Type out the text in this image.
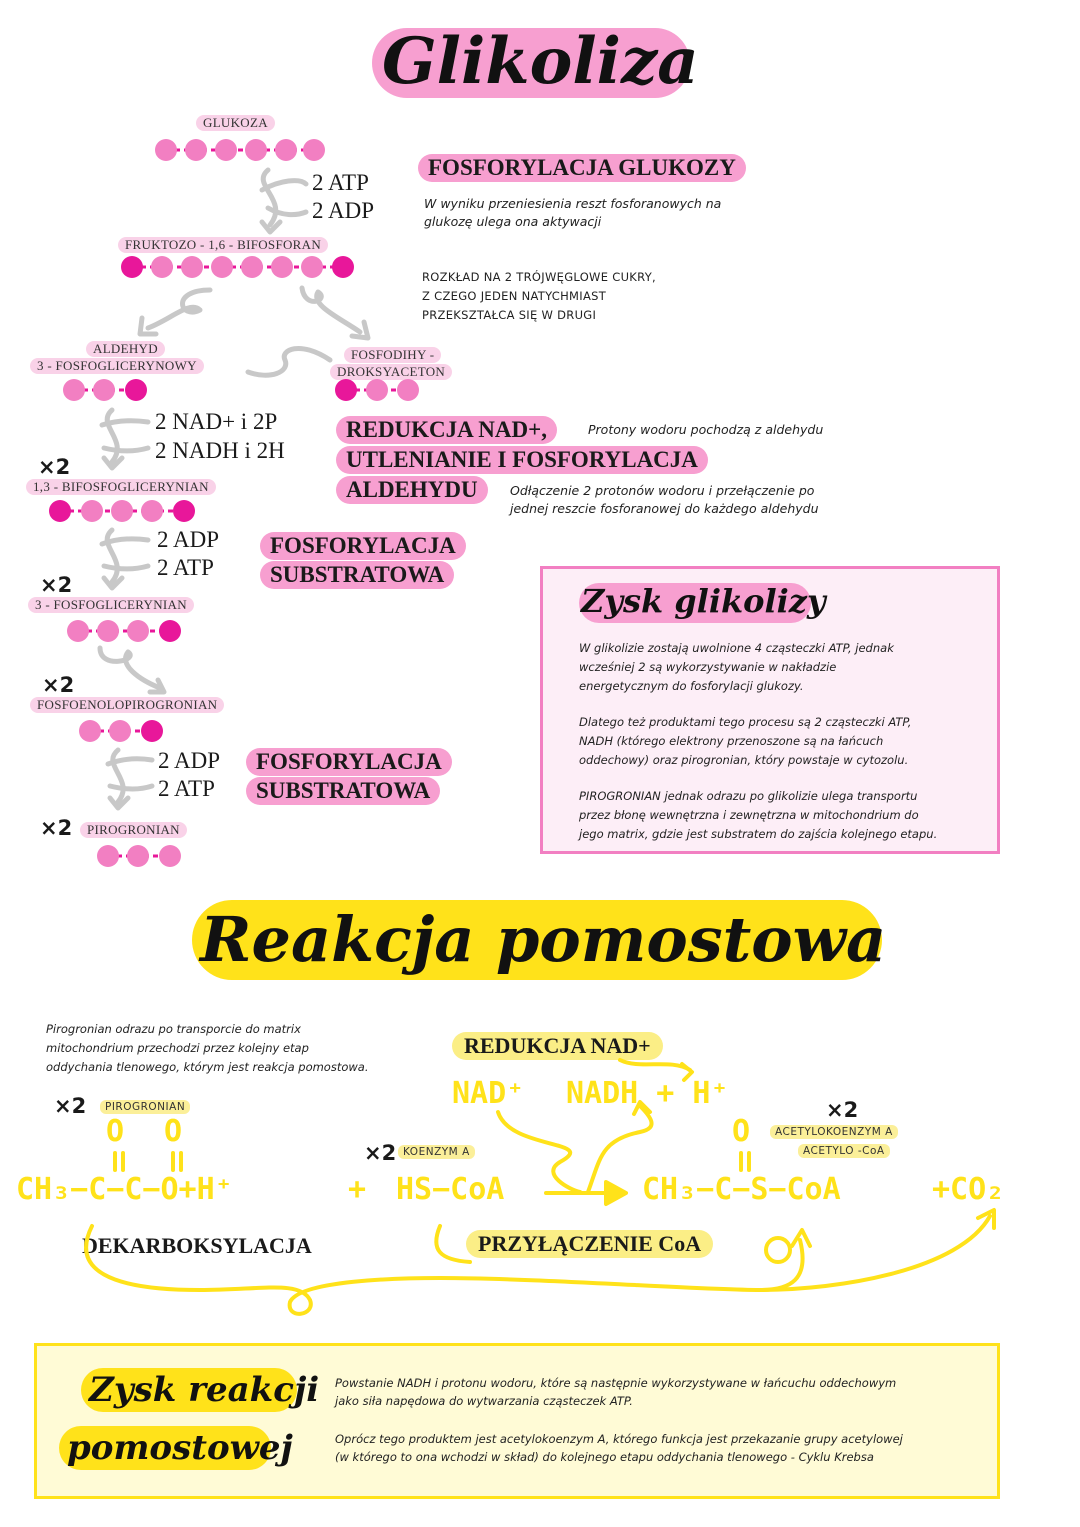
Glikoliza
GLUKOZA
FRUKTOZO - 1,6 - BIFOSFORAN
ALDEHYD
3 - FOSFOGLICERYNOWY
FOSFODIHY -
DROKSYACETON
1,3 - BIFOSFOGLICERYNIAN
3 - FOSFOGLICERYNIAN
FOSFOENOLOPIROGRONIAN
PIROGRONIAN
×2
×2
×2
×2
2 ATP
2 ADP
2 NAD+ i 2P
2 NADH i 2H
2 ADP
2 ATP
2 ADP
2 ATP
FOSFORYLACJA GLUKOZY
W wyniku przeniesienia reszt fosforanowych na
glukozę ulega ona aktywacji
ROZKŁAD NA 2 TRÓJWĘGLOWE CUKRY,
Z CZEGO JEDEN NATYCHMIAST
PRZEKSZTAŁCA SIĘ W DRUGI
REDUKCJA NAD+,	Protony wodoru pochodzą z aldehydu
UTLENIANIE I FOSFORYLACJA
ALDEHYDU	Odłączenie 2 protonów wodoru i przełączenie po
jednej reszcie fosforanowej do każdego aldehydu
FOSFORYLACJA
SUBSTRATOWA
FOSFORYLACJA
SUBSTRATOWA
Zysk glikolizy
W glikolizie zostają uwolnione 4 cząsteczki ATP, jednak
wcześniej 2 są wykorzystywanie w nakładzie
energetycznym do fosforylacji glukozy.
Dlatego też produktami tego procesu są 2 cząsteczki ATP,
NADH (którego elektrony przenoszone są na łańcuch
oddechowy) oraz pirogronian, który powstaje w cytozolu.
PIROGRONIAN jednak odrazu po glikolizie ulega transportu
przez błonę wewnętrzna i zewnętrzna w mitochondrium do
jego matrix, gdzie jest substratem do zajścia kolejnego etapu.
Reakcja pomostowa
Pirogronian odrazu po transporcie do matrix
mitochondrium przechodzi przez kolejny etap
oddychania tlenowego, którym jest reakcja pomostowa.
REDUKCJA NAD+
NAD⁺ NADH + H⁺
×2	PIROGRONIAN
×2 KOENZYM A
×2
ACETYLOKOENZYM A
ACETYLO -CoA
O O	O
CH₃−C−C−O+H⁺	+ HS−CoA	CH₃−C−S−CoA	+CO₂
DEKARBOKSYLACJA	PRZYŁĄCZENIE CoA
Zysk reakcji
pomostowej
Powstanie NADH i protonu wodoru, które są następnie wykorzystywane w łańcuchu oddechowym
jako siła napędowa do wytwarzania cząsteczek ATP.
Oprócz tego produktem jest acetylokoenzym A, którego funkcja jest przekazanie grupy acetylowej
(w którego to ona wchodzi w skład) do kolejnego etapu oddychania tlenowego - Cyklu Krebsa
